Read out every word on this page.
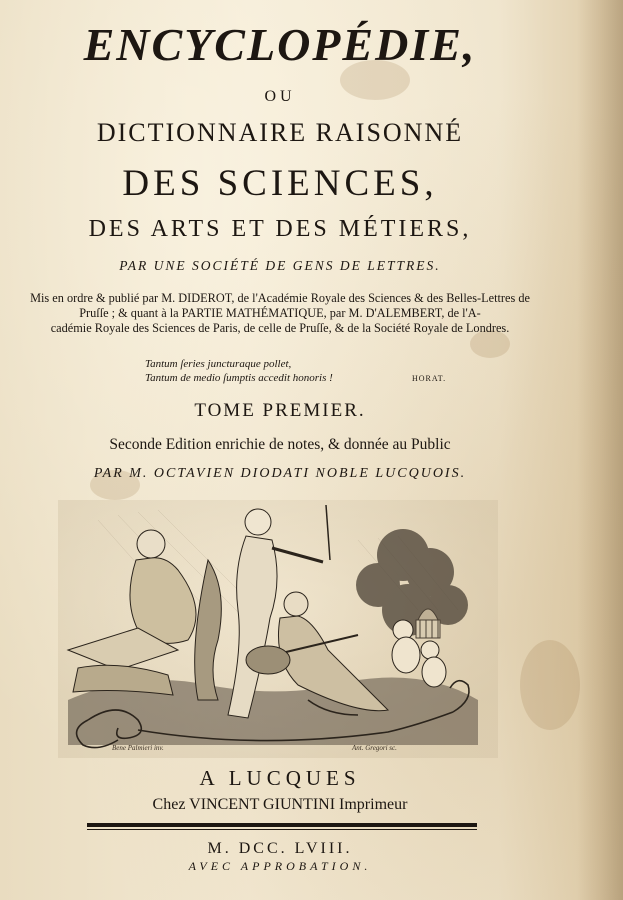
ENCYCLOPÉDIE,
OU
DICTIONNAIRE RAISONNÉ
DES SCIENCES,
DES ARTS ET DES MÉTIERS,
PAR UNE SOCIÉTÉ DE GENS DE LETTRES.
Mis en ordre & publié par M. DIDEROT, de l'Académie Royale des Sciences & des Belles-Lettres de
Pruſſe ; & quant à la PARTIE MATHÉMATIQUE, par M. D'ALEMBERT, de l'A-
cadémie Royale des Sciences de Paris, de celle de Pruſſe, & de la Société Royale de Londres.
Tantum ſeries juncturaque pollet,
Tantum de medio ſumptis accedit honoris !	HORAT.
TOME PREMIER.
Seconde Edition enrichie de notes, & donnée au Public
PAR M. OCTAVIEN DIODATI NOBLE LUCQUOIS.
Bene Palmieri inv.	Ant. Gregori sc.
A LUCQUES
Chez VINCENT GIUNTINI Imprimeur
M. DCC. LVIII.
AVEC APPROBATION.
